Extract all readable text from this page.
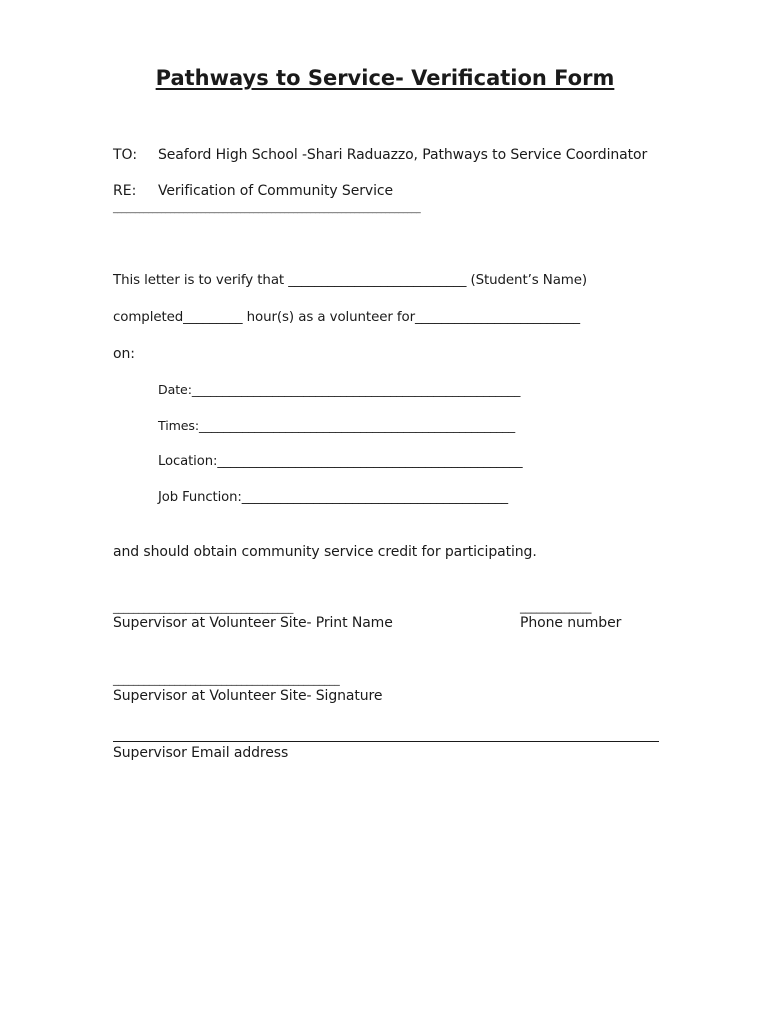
Pathways to Service- Verification Form
TO: Seaford High School -Shari Raduazzo, Pathways to Service Coordinator
RE: Verification of Community Service
______________________________________________________________________
This letter is to verify that ___________________________ (Student’s Name)
completed_________ hour(s) as a volunteer for_________________________
on:
Date:_____________________________________________________
Times:___________________________________________________
Location:_______________________________________________
Job Function:_________________________________________
and should obtain community service credit for participating.
___________________________________
Supervisor at Volunteer Site- Print Name
_____________
Phone number
____________________________________________
Supervisor at Volunteer Site- Signature
Supervisor Email address
